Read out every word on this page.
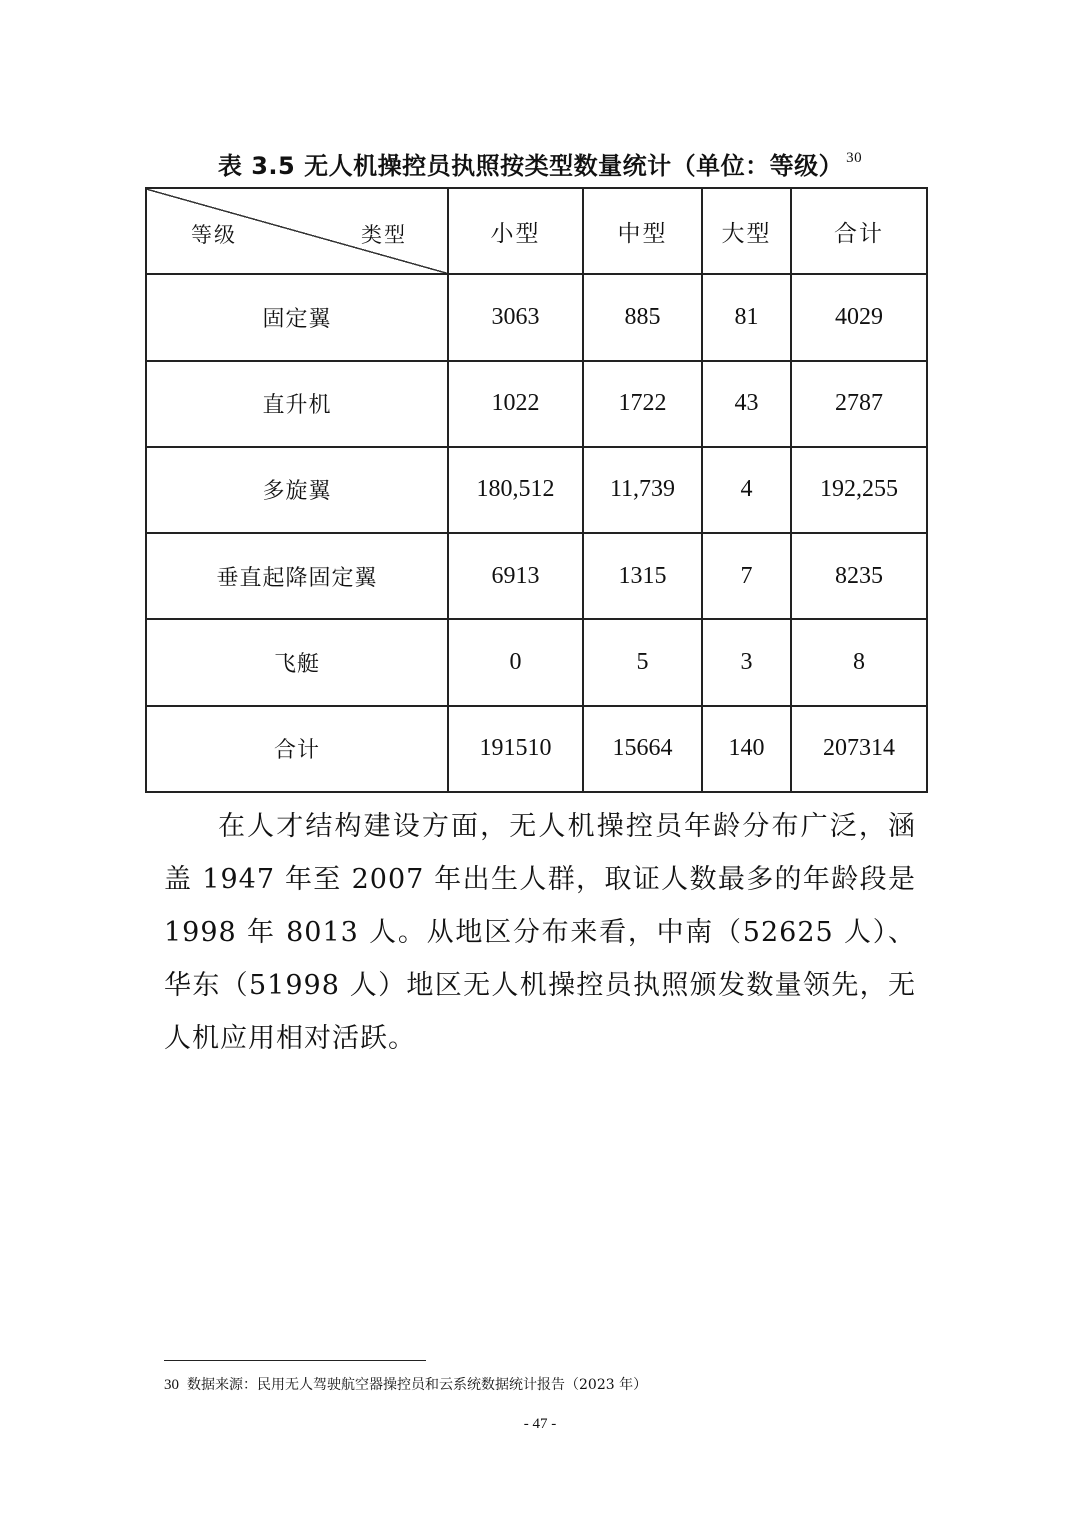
表 3.5 无人机操控员执照按类型数量统计（单位：等级） $^{30}$
等级 类型	小型	中型	大型	合计
固定翼	3063	885	81	4029
直升机	1022	1722	43	2787
多旋翼	180,512	11,739	4	192,255
垂直起降固定翼	6913	1315	7	8235
飞艇	0	5	3	8
合计	191510	15664	140	207314

在人才结构建设方面，无人机操控员年龄分布广泛，涵盖 1947 年至 2007 年出生人群，取证人数最多的年龄段是 1998 年 8013 人。从地区分布来看，中南（52625 人）、华东（51998 人）地区无人机操控员执照颁发数量领先，无人机应用相对活跃。

30 数据来源：民用无人驾驶航空器操控员和云系统数据统计报告（2023 年）
- 47 -
